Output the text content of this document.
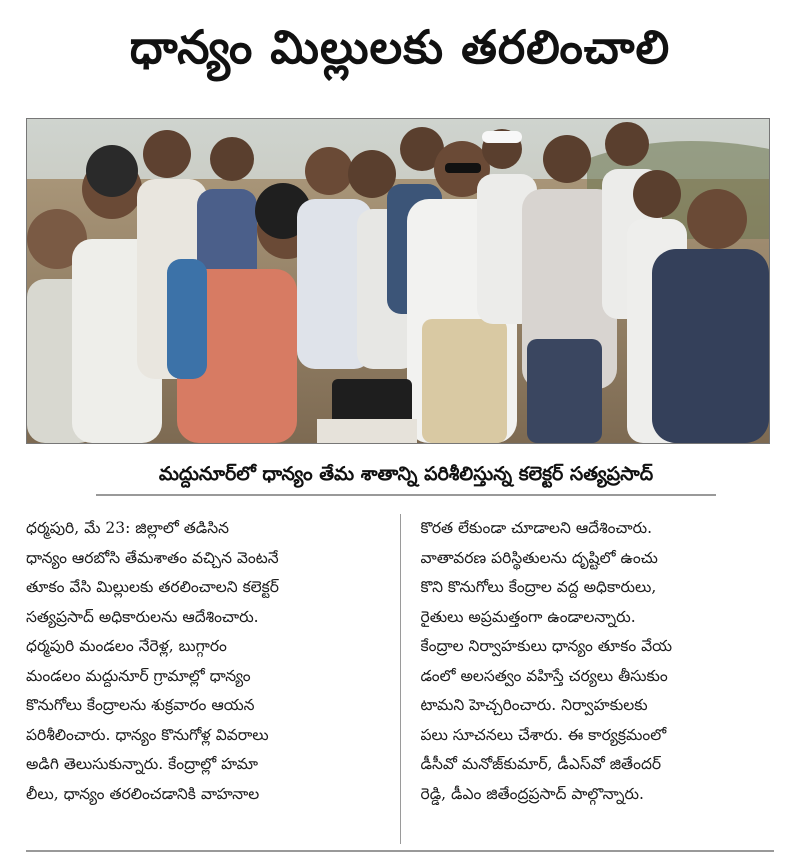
ధాన్యం మిల్లులకు తరలించాలి
మద్దునూర్‌లో ధాన్యం తేమ శాతాన్ని పరిశీలిస్తున్న కలెక్టర్‌ సత్యప్రసాద్‌
ధర్మపురి, మే 23: జిల్లాలో తడిసిన
ధాన్యం ఆరబోసి తేమశాతం వచ్చిన వెంటనే
తూకం వేసి మిల్లులకు తరలించాలని కలెక్టర్‌
సత్యప్రసాద్‌ అధికారులను ఆదేశించారు.
ధర్మపురి మండలం నేరెళ్ల, బుగ్గారం
మండలం మద్దునూర్‌ గ్రామాల్లో ధాన్యం
కొనుగోలు కేంద్రాలను శుక్రవారం ఆయన
పరిశీలించారు. ధాన్యం కొనుగోళ్ల వివరాలు
అడిగి తెలుసుకున్నారు. కేంద్రాల్లో హమా
లీలు, ధాన్యం తరలించడానికి వాహనాల
కొరత లేకుండా చూడాలని ఆదేశించారు.
వాతావరణ పరిస్థితులను దృష్టిలో ఉంచు
కొని కొనుగోలు కేంద్రాల వద్ద అధికారులు,
రైతులు అప్రమత్తంగా ఉండాలన్నారు.
కేంద్రాల నిర్వాహకులు ధాన్యం తూకం వేయ
డంలో అలసత్వం వహిస్తే చర్యలు తీసుకుం
టామని హెచ్చరించారు. నిర్వాహకులకు
పలు సూచనలు చేశారు. ఈ కార్యక్రమంలో
డీసీవో మనోజ్‌కుమార్‌, డీఎస్‌వో జితేందర్‌
రెడ్డి, డీఎం జితేంద్రప్రసాద్‌ పాల్గొన్నారు.
